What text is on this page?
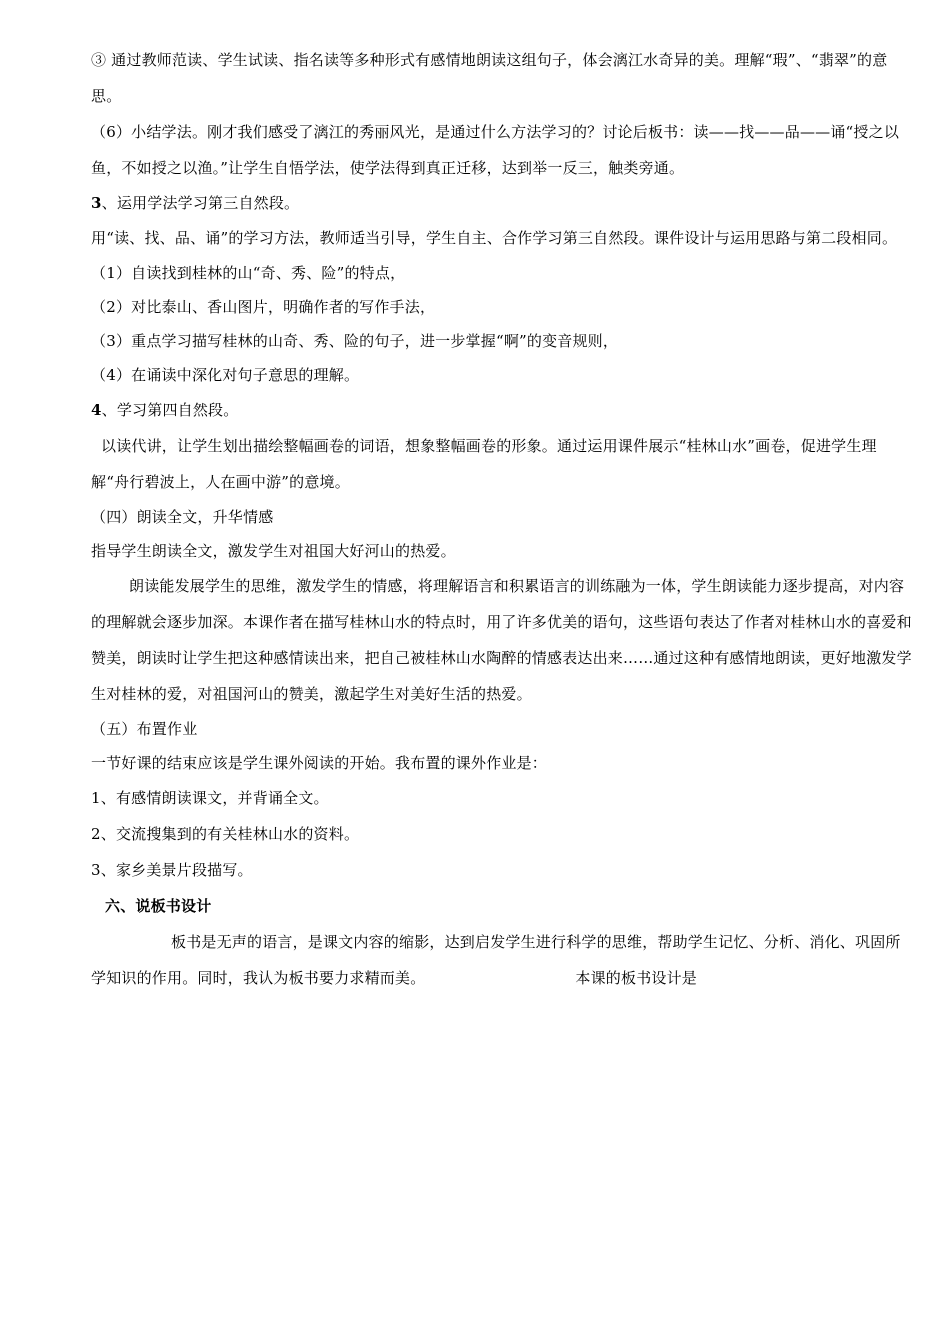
③ 通过教师范读、学生试读、指名读等多种形式有感情地朗读这组句子，体会漓江水奇异的美。理解“瑕”、“翡翠”的意思。

（6）小结学法。刚才我们感受了漓江的秀丽风光，是通过什么方法学习的？讨论后板书：读——找——品——诵“授之以鱼，不如授之以渔。”让学生自悟学法，使学法得到真正迁移，达到举一反三，触类旁通。

3、运用学法学习第三自然段。

用“读、找、品、诵”的学习方法，教师适当引导，学生自主、合作学习第三自然段。课件设计与运用思路与第二段相同。

（1）自读找到桂林的山“奇、秀、险”的特点，

（2）对比泰山、香山图片，明确作者的写作手法，

（3）重点学习描写桂林的山奇、秀、险的句子，进一步掌握“啊”的变音规则，

（4）在诵读中深化对句子意思的理解。

4、学习第四自然段。

以读代讲，让学生划出描绘整幅画卷的词语，想象整幅画卷的形象。通过运用课件展示“桂林山水”画卷，促进学生理解“舟行碧波上，人在画中游”的意境。

（四）朗读全文，升华情感

指导学生朗读全文，激发学生对祖国大好河山的热爱。

朗读能发展学生的思维，激发学生的情感，将理解语言和积累语言的训练融为一体，学生朗读能力逐步提高，对内容的理解就会逐步加深。本课作者在描写桂林山水的特点时，用了许多优美的语句，这些语句表达了作者对桂林山水的喜爱和赞美，朗读时让学生把这种感情读出来，把自己被桂林山水陶醉的情感表达出来……通过这种有感情地朗读，更好地激发学生对桂林的爱，对祖国河山的赞美，激起学生对美好生活的热爱。

（五）布置作业

一节好课的结束应该是学生课外阅读的开始。我布置的课外作业是：

1、有感情朗读课文，并背诵全文。

2、交流搜集到的有关桂林山水的资料。

3、家乡美景片段描写。

六、说板书设计

板书是无声的语言，是课文内容的缩影，达到启发学生进行科学的思维，帮助学生记忆、分析、消化、巩固所学知识的作用。同时，我认为板书要力求精而美。	本课的板书设计是
